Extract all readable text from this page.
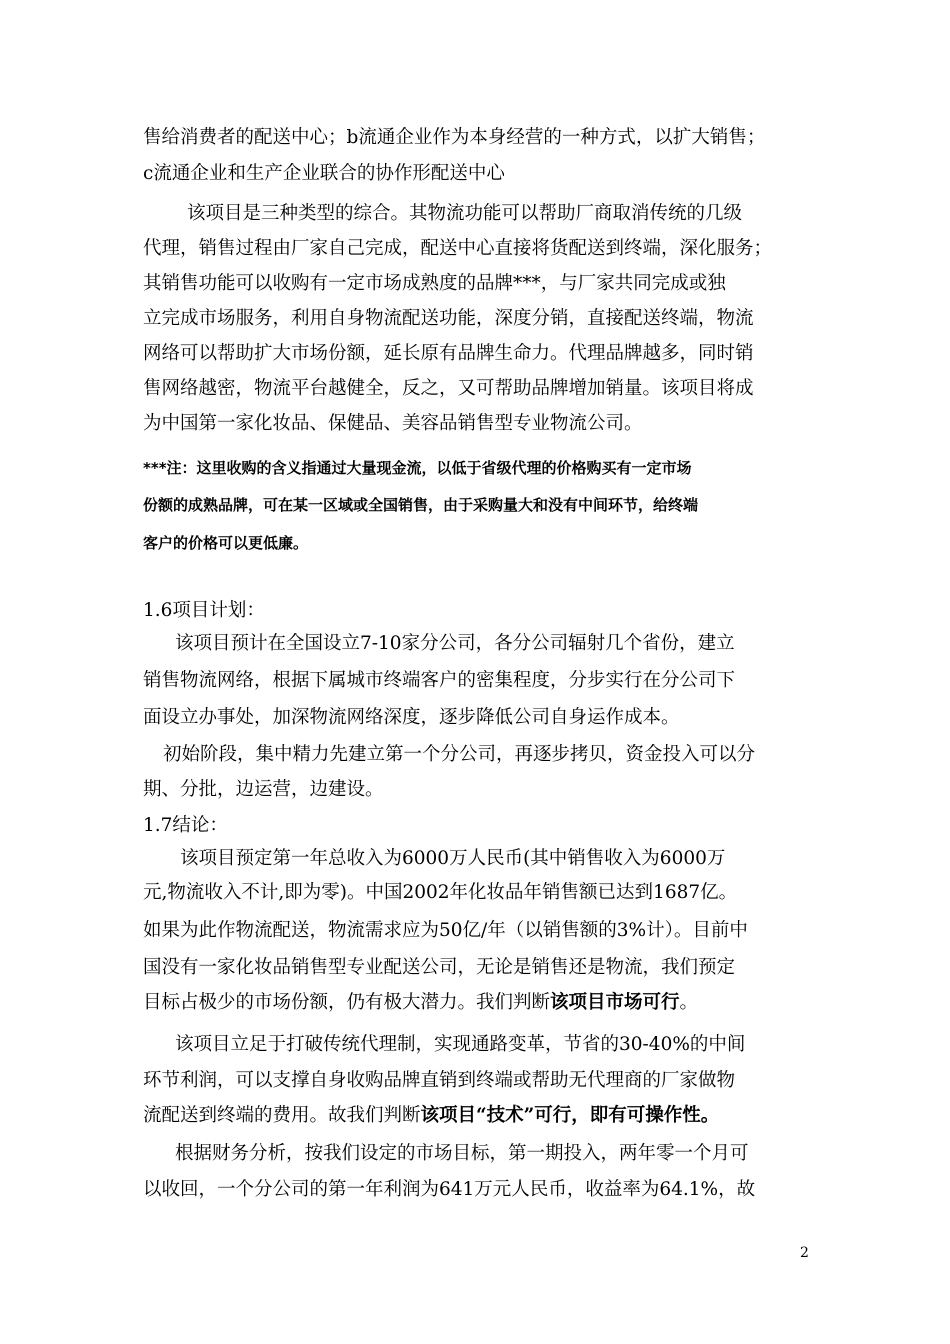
售给消费者的配送中心；b流通企业作为本身经营的一种方式，以扩大销售；
c流通企业和生产企业联合的协作形配送中心
该项目是三种类型的综合。其物流功能可以帮助厂商取消传统的几级
代理，销售过程由厂家自己完成，配送中心直接将货配送到终端，深化服务；
其销售功能可以收购有一定市场成熟度的品牌***，与厂家共同完成或独
立完成市场服务，利用自身物流配送功能，深度分销，直接配送终端，物流
网络可以帮助扩大市场份额，延长原有品牌生命力。代理品牌越多，同时销
售网络越密，物流平台越健全，反之，又可帮助品牌增加销量。该项目将成
为中国第一家化妆品、保健品、美容品销售型专业物流公司。
***注：这里收购的含义指通过大量现金流，以低于省级代理的价格购买有一定市场
份额的成熟品牌，可在某一区域或全国销售，由于采购量大和没有中间环节，给终端
客户的价格可以更低廉。
1.6项目计划：
该项目预计在全国设立7-10家分公司，各分公司辐射几个省份，建立
销售物流网络，根据下属城市终端客户的密集程度，分步实行在分公司下
面设立办事处，加深物流网络深度，逐步降低公司自身运作成本。
初始阶段，集中精力先建立第一个分公司，再逐步拷贝，资金投入可以分
期、分批，边运营，边建设。
1.7结论：
该项目预定第一年总收入为6000万人民币(其中销售收入为6000万
元,物流收入不计,即为零)。中国2002年化妆品年销售额已达到1687亿。
如果为此作物流配送，物流需求应为50亿/年（以销售额的3%计）。目前中
国没有一家化妆品销售型专业配送公司，无论是销售还是物流，我们预定
目标占极少的市场份额，仍有极大潜力。我们判断该项目市场可行。
该项目立足于打破传统代理制，实现通路变革，节省的30-40%的中间
环节利润，可以支撑自身收购品牌直销到终端或帮助无代理商的厂家做物
流配送到终端的费用。故我们判断该项目“技术”可行，即有可操作性。
根据财务分析，按我们设定的市场目标，第一期投入，两年零一个月可
以收回，一个分公司的第一年利润为641万元人民币，收益率为64.1%，故
2
